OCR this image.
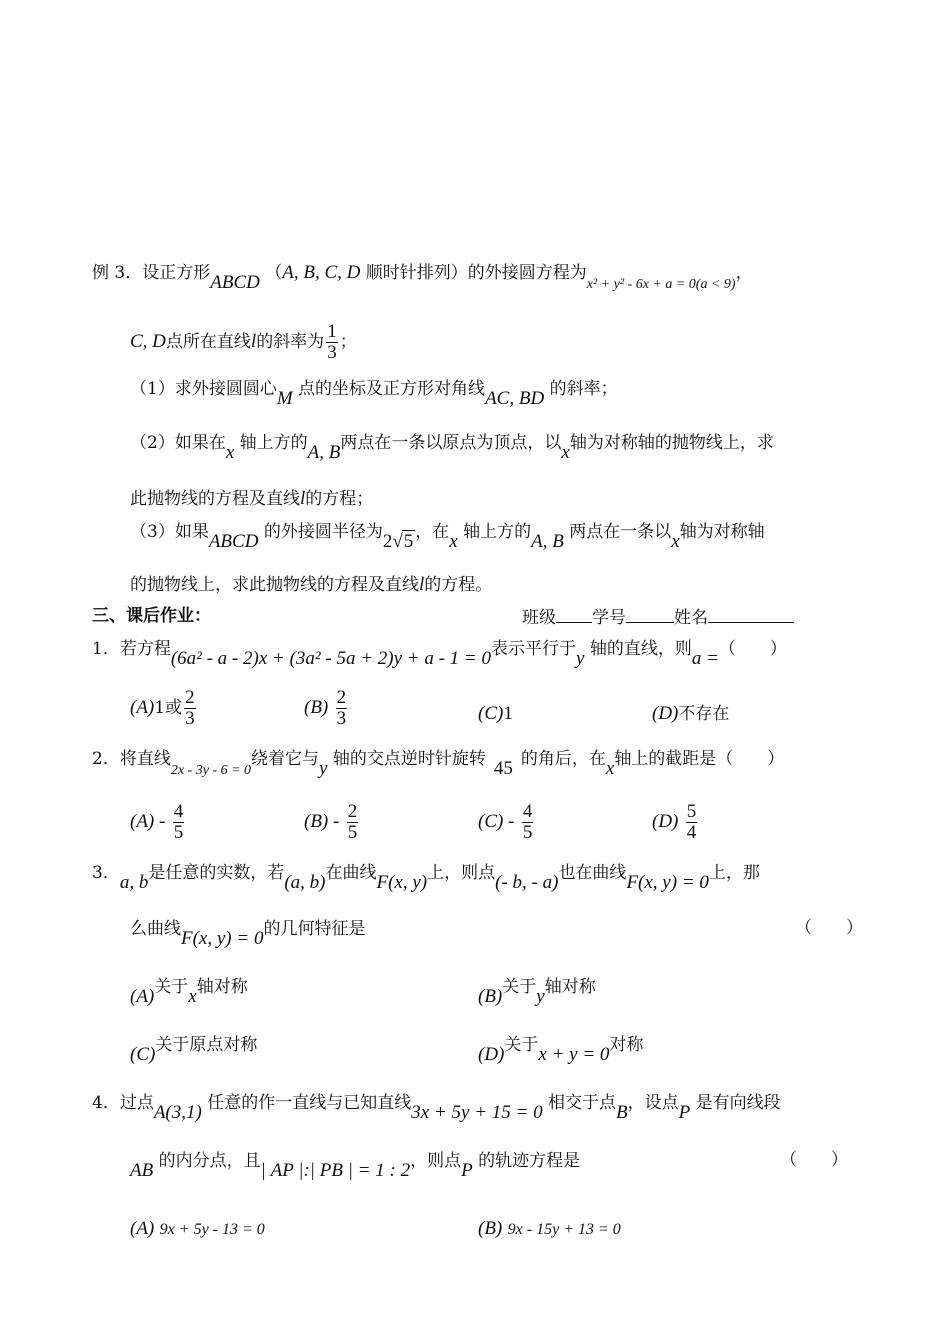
例 3．设正方形ABCD （A, B, C, D 顺时针排列）的外接圆方程为$_{x^2 + y^2 - 6x + a = 0(a < 9)}$，
C, D点所在直线l的斜率为 $\frac{1}{3}$ ；
（1）求外接圆圆心M 点的坐标及正方形对角线AC, BD 的斜率；
（2）如果在x 轴上方的A, B两点在一条以原点为顶点，以x轴为对称轴的抛物线上，求
此抛物线的方程及直线l的方程；
（3）如果ABCD 的外接圆半径为2√5 ，在x 轴上方的A, B 两点在一条以x轴为对称轴
的抛物线上，求此抛物线的方程及直线l的方程。
三、课后作业：	班级 学号	姓名
1．若方程(6a² - a - 2)x + (3a² - 5a + 2)y + a - 1 = 0表示平行于y 轴的直线，则a =（　　）
(A)1或 $\frac{2}{3}$	$(B) \frac{2}{3}$	(C)1	(D)不存在
2．将直线$_{2x - 3y - 6 = 0}$绕着它与y 轴的交点逆时针旋转 45 的角后，在x轴上的截距是（　　）
$(A) - \frac{4}{5}$	$(B) - \frac{2}{5}$	$(C) - \frac{4}{5}$	$(D) \frac{5}{4}$
3．a, b是任意的实数，若(a, b)在曲线F(x, y)上，则点(- b, - a)也在曲线F(x, y) = 0上，那
么曲线F(x, y) = 0的几何特征是	（　　）
(A)关于x轴对称	(B)关于y轴对称
(C)关于原点对称	(D)关于x + y = 0对称
4．过点A(3,1) 任意的作一直线与已知直线3x + 5y + 15 = 0 相交于点B，设点P 是有向线段
AB 的内分点，且| AP |:| PB | = 1 : 2，则点P 的轨迹方程是	（　　）
(A) 9x + 5y - 13 = 0	(B) 9x - 15y + 13 = 0
